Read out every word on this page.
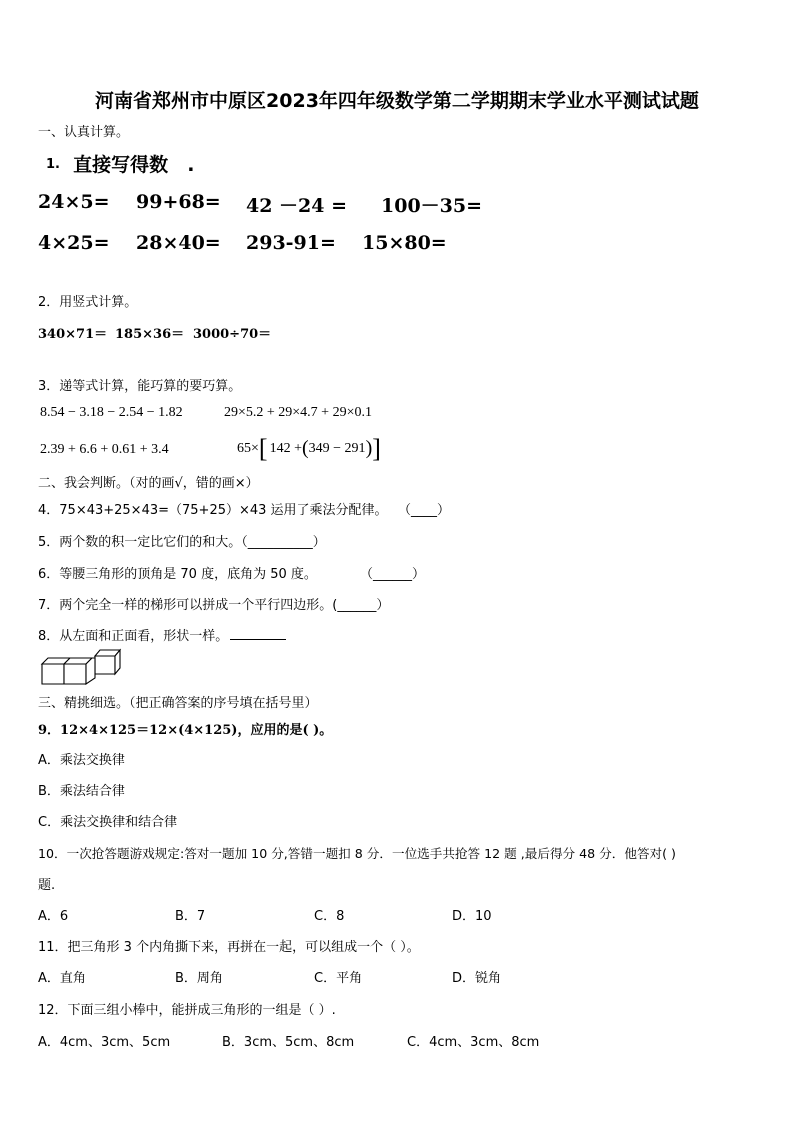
河南省郑州市中原区2023年四年级数学第二学期期末学业水平测试试题
一、认真计算。
1. 直接写得数 .
24×5= 99+68= 42 －24 = 100－35=
4×25= 28×40= 293-91= 15×80=
2．用竖式计算。
340×71＝ 185×36＝ 3000÷70＝
3．递等式计算，能巧算的要巧算。
8.54 − 3.18 − 2.54 − 1.82	29×5.2 + 29×4.7 + 29×0.1
2.39 + 6.6 + 0.61 + 3.4	65× [ 142 + ( 349 − 291 ) ]
二、我会判断。（对的画√，错的画×）
4．75×43+25×43=（75+25）×43 运用了乘法分配律。 （____）
5．两个数的积一定比它们的和大。（__________）
6．等腰三角形的顶角是 70 度，底角为 50 度。	（______）
7．两个完全一样的梯形可以拼成一个平行四边形。(______）
8．从左面和正面看，形状一样。
三、精挑细选。（把正确答案的序号填在括号里）
9．12×4×125＝12×(4×125)，应用的是( )。
A．乘法交换律
B．乘法结合律
C．乘法交换律和结合律
10．一次抢答题游戏规定:答对一题加 10 分,答错一题扣 8 分．一位选手共抢答 12 题 ,最后得分 48 分．他答对( )
题.
A．6	B．7	C．8	D．10
11．把三角形 3 个内角撕下来，再拼在一起，可以组成一个（ ）。
A．直角	B．周角	C．平角	D．锐角
12．下面三组小棒中，能拼成三角形的一组是（ ）.
A．4cm、3cm、5cm	B．3cm、5cm、8cm	C．4cm、3cm、8cm
